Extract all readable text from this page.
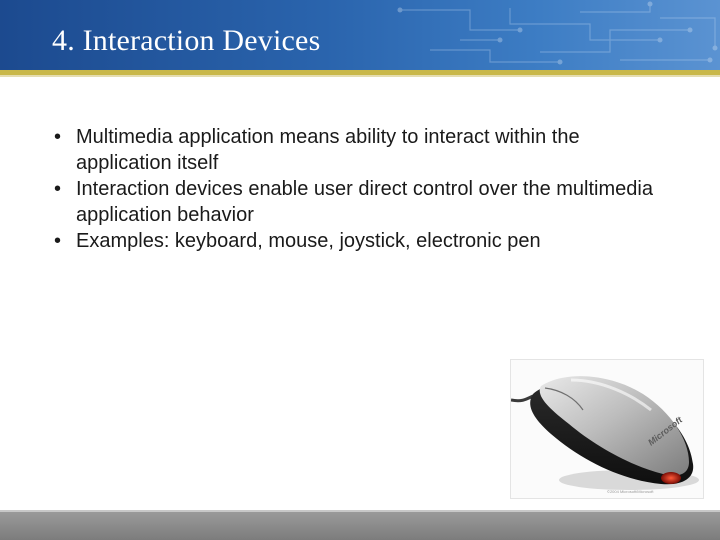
4. Interaction Devices
• Multimedia application means ability to interact within the application itself
• Interaction devices enable user direct control over the multimedia application behavior
• Examples: keyboard, mouse, joystick, electronic pen
Microsoft
©2004 Microsoft/Microsoft
